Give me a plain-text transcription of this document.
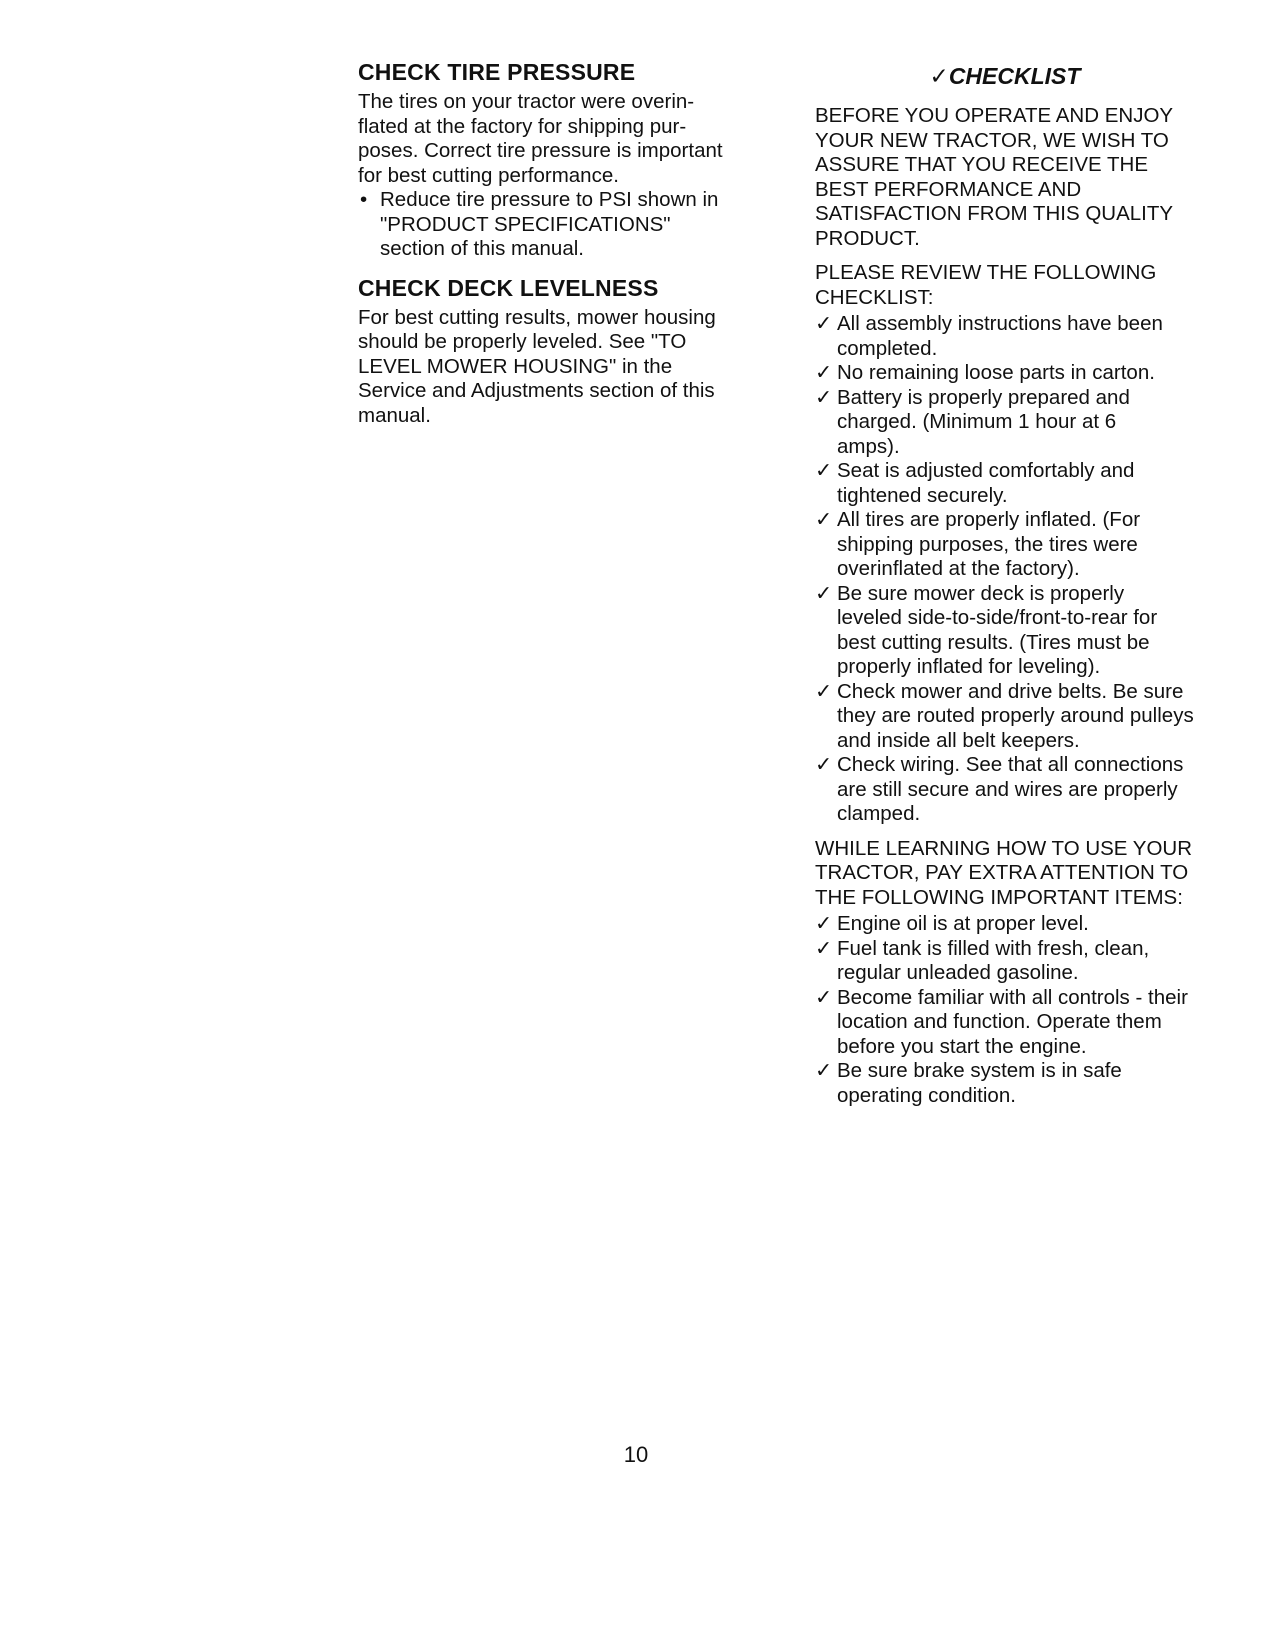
CHECK TIRE PRESSURE

The tires on your tractor were overin-
flated at the factory for shipping pur-
poses. Correct tire pressure is important
for best cutting performance.

• Reduce tire pressure to PSI shown in
"PRODUCT SPECIFICATIONS"
section of this manual.
CHECK DECK LEVELNESS

For best cutting results, mower housing
should be properly leveled. See "TO
LEVEL MOWER HOUSING" in the
Service and Adjustments section of this
manual.

✓CHECKLIST

BEFORE YOU OPERATE AND ENJOY
YOUR NEW TRACTOR, WE WISH TO
ASSURE THAT YOU RECEIVE THE
BEST PERFORMANCE AND
SATISFACTION FROM THIS QUALITY
PRODUCT.

PLEASE REVIEW THE FOLLOWING
CHECKLIST:

✓ All assembly instructions have been
completed.
✓ No remaining loose parts in carton.
✓ Battery is properly prepared and
charged. (Minimum 1 hour at 6
amps).
✓ Seat is adjusted comfortably and
tightened securely.
✓ All tires are properly inflated. (For
shipping purposes, the tires were
overinflated at the factory).
✓ Be sure mower deck is properly
leveled side-to-side/front-to-rear for
best cutting results. (Tires must be
properly inflated for leveling).
✓ Check mower and drive belts. Be sure
they are routed properly around pulleys
and inside all belt keepers.
✓ Check wiring. See that all connections
are still secure and wires are properly
clamped.

WHILE LEARNING HOW TO USE YOUR
TRACTOR, PAY EXTRA ATTENTION TO
THE FOLLOWING IMPORTANT ITEMS:

✓ Engine oil is at proper level.
✓ Fuel tank is filled with fresh, clean,
regular unleaded gasoline.
✓ Become familiar with all controls - their
location and function. Operate them
before you start the engine.
✓ Be sure brake system is in safe
operating condition.
10
